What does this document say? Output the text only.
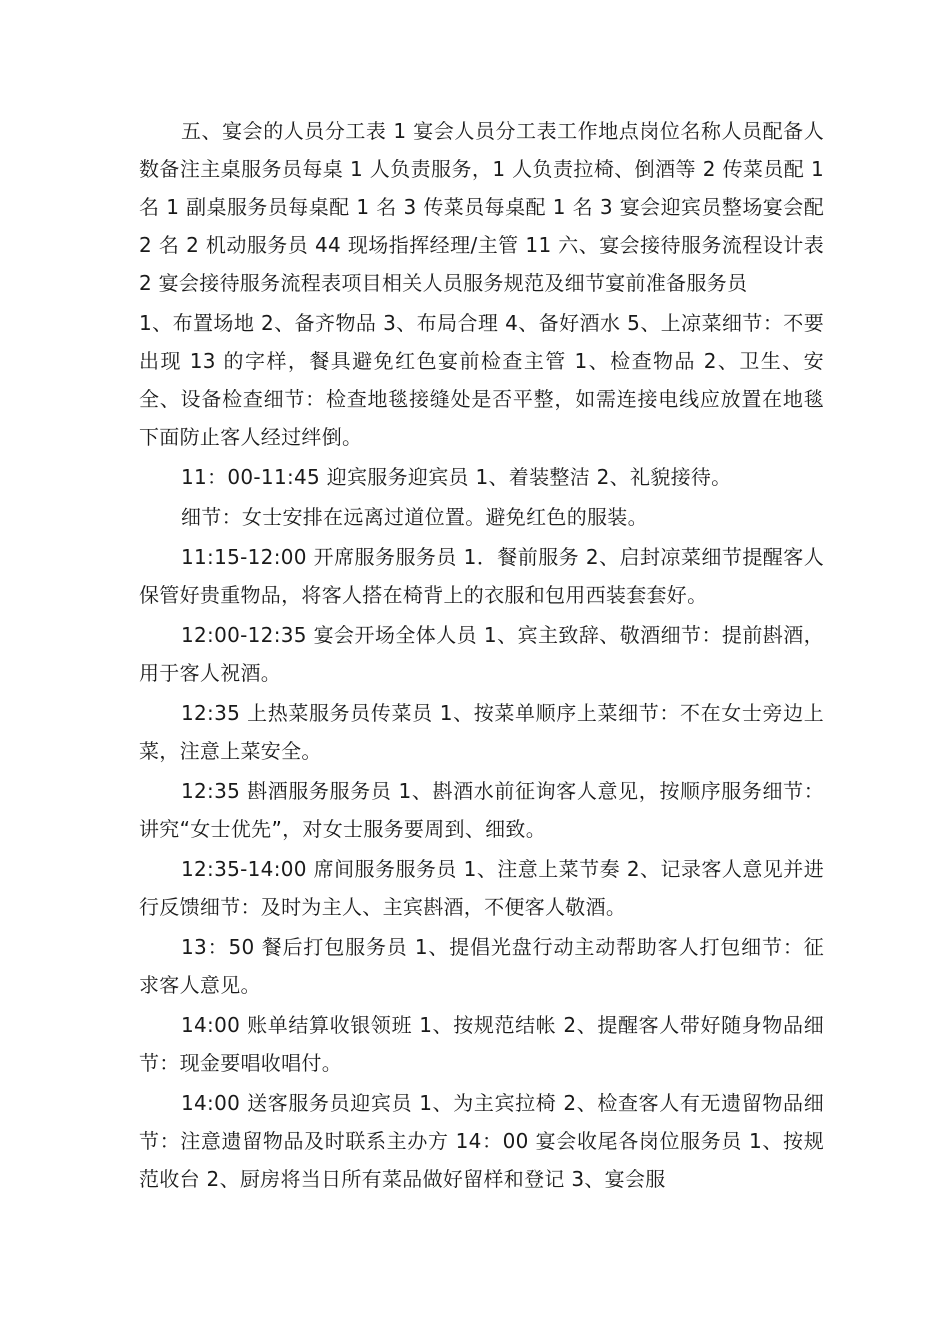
五、宴会的人员分工表 1 宴会人员分工表工作地点岗位名称人员配备人数备注主桌服务员每桌 1 人负责服务，1 人负责拉椅、倒酒等 2 传菜员配 1 名 1 副桌服务员每桌配 1 名 3 传菜员每桌配 1 名 3 宴会迎宾员整场宴会配 2 名 2 机动服务员 44 现场指挥经理/主管 11 六、宴会接待服务流程设计表 2 宴会接待服务流程表项目相关人员服务规范及细节宴前准备服务员

1、布置场地 2、备齐物品 3、布局合理 4、备好酒水 5、上凉菜细节：不要出现 13 的字样，餐具避免红色宴前检查主管 1、检查物品 2、卫生、安全、设备检查细节：检查地毯接缝处是否平整，如需连接电线应放置在地毯下面防止客人经过绊倒。

11：00-11:45 迎宾服务迎宾员 1、着装整洁 2、礼貌接待。

细节：女士安排在远离过道位置。避免红色的服装。

11:15-12:00 开席服务服务员 1．餐前服务 2、启封凉菜细节提醒客人保管好贵重物品，将客人搭在椅背上的衣服和包用西装套套好。

12:00-12:35 宴会开场全体人员 1、宾主致辞、敬酒细节：提前斟酒，用于客人祝酒。

12:35 上热菜服务员传菜员 1、按菜单顺序上菜细节：不在女士旁边上菜，注意上菜安全。

12:35 斟酒服务服务员 1、斟酒水前征询客人意见，按顺序服务细节：讲究“女士优先”，对女士服务要周到、细致。

12:35-14:00 席间服务服务员 1、注意上菜节奏 2、记录客人意见并进行反馈细节：及时为主人、主宾斟酒，不便客人敬酒。

13：50 餐后打包服务员 1、提倡光盘行动主动帮助客人打包细节：征求客人意见。

14:00 账单结算收银领班 1、按规范结帐 2、提醒客人带好随身物品细节：现金要唱收唱付。

14:00 送客服务员迎宾员 1、为主宾拉椅 2、检查客人有无遗留物品细节：注意遗留物品及时联系主办方 14：00 宴会收尾各岗位服务员 1、按规范收台 2、厨房将当日所有菜品做好留样和登记 3、宴会服
